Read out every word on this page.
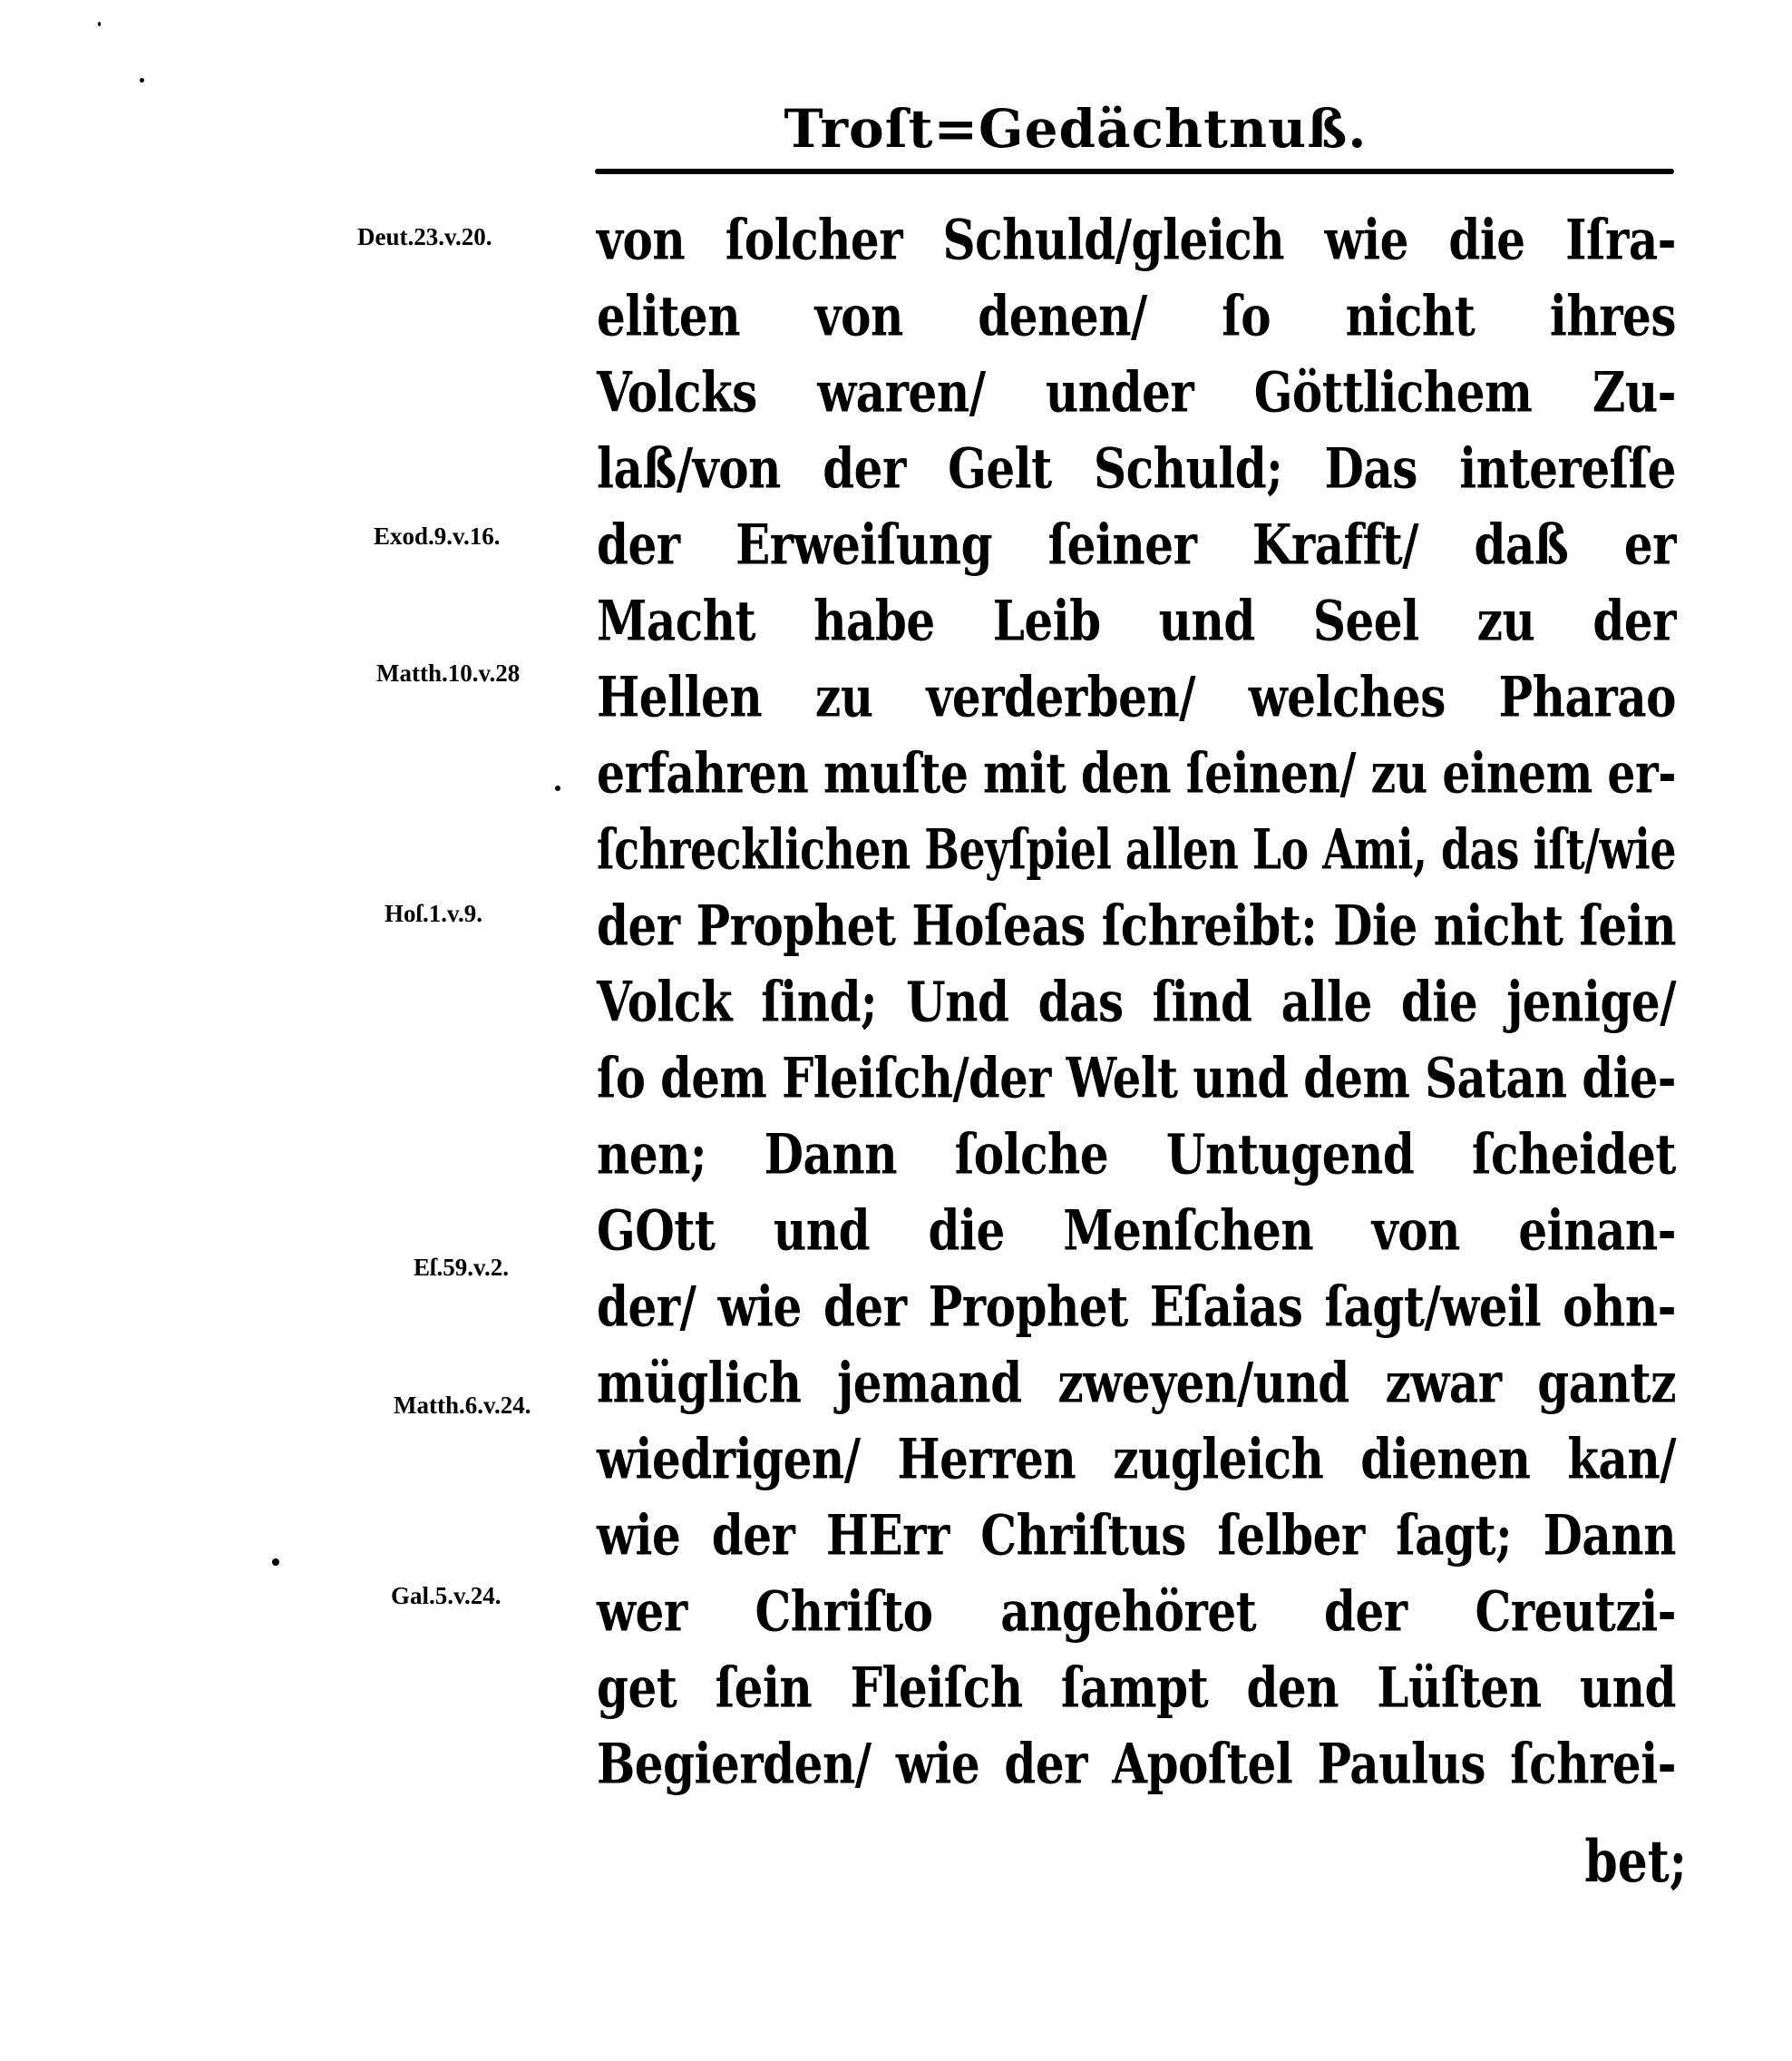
Troſt=Gedächtnuß.
Deut.23.v.20.
Exod.9.v.16.
Matth.10.v.28
Hoſ.1.v.9.
Eſ.59.v.2.
Matth.6.v.24.
Gal.5.v.24.
von ſolcher Schuld/gleich wie die Iſra-
eliten von denen/ ſo nicht ihres
Volcks waren/ under Göttlichem Zu-
laß/von der Gelt Schuld; Das intereſſe
der Erweiſung ſeiner Krafft/ daß er
Macht habe Leib und Seel zu der
Hellen zu verderben/ welches Pharao
erfahren muſte mit den ſeinen/ zu einem er-
ſchrecklichen Beyſpiel allen Lo Ami, das iſt/wie
der Prophet Hoſeas ſchreibt: Die nicht ſein
Volck ſind; Und das ſind alle die jenige/
ſo dem Fleiſch/der Welt und dem Satan die-
nen; Dann ſolche Untugend ſcheidet
GOtt und die Menſchen von einan-
der/ wie der Prophet Eſaias ſagt/weil ohn-
müglich jemand zweyen/und zwar gantz
wiedrigen/ Herren zugleich dienen kan/
wie der HErr Chriſtus ſelber ſagt; Dann
wer Chriſto angehöret der Creutzi-
get ſein Fleiſch ſampt den Lüſten und
Begierden/ wie der Apoſtel Paulus ſchrei-
bet;
